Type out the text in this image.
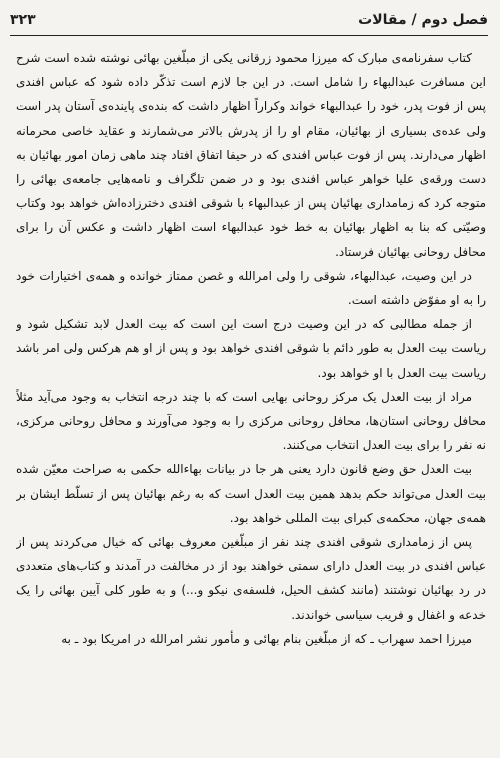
فصل دوم / مقالات
۳۲۳

کتاب سفرنامه‌ی مبارک که میرزا محمود زرقانی یکی از مبلّغین بهائی نوشته شده است شرح این مسافرت عبدالبهاء را شامل است. در این جا لازم است تذکّر داده شود که عباس افندی پس از فوت پدر، خود را عبدالبهاء خواند وکراراً اظهار داشت که بنده‌ی پاینده‌ی آستان پدر است ولی عده‌ی بسیاری از بهائیان، مقام او را از پدرش بالاتر می‌شمارند و عقاید خاصی محرمانه اظهار می‌دارند. پس از فوت عباس افندی که در حیفا اتفاق افتاد چند ماهی زمان امور بهائیان به دست ورقه‌ی علیا خواهر عباس افندی بود و در ضمن تلگراف و نامه‌هایی جامعه‌ی بهائی را متوجه کرد که زمامداری بهائیان پس از عبدالبهاء با شوقی افندی دخترزاده‌اش خواهد بود وکتاب وصیّتی که بنا به اظهار بهائیان به خط خود عبدالبهاء است اظهار داشت و عکس آن را برای محافل روحانی بهائیان فرستاد.

در این وصیت، عبدالبهاء، شوقی را ولی امرالله و غصن ممتاز خوانده و همه‌ی اختیارات خود را به او مفوّض داشته است.

از جمله مطالبی که در این وصیت درج است این است که بیت العدل لابد تشکیل شود و ریاست بیت العدل به طور دائم با شوقی افندی خواهد بود و پس از او هم هرکس ولی امر باشد ریاست بیت العدل با او خواهد بود.

مراد از بیت العدل یک مرکز روحانی بهایی است که با چند درجه انتخاب به وجود می‌آید مثلاً محافل روحانی استان‌ها، محافل روحانی مرکزی را به وجود می‌آورند و محافل روحانی مرکزی، نه نفر را برای بیت العدل انتخاب می‌کنند.

بیت العدل حق وضع قانون دارد یعنی هر جا در بیانات بهاءالله حکمی به صراحت معیّن شده بیت العدل می‌تواند حکم بدهد همین بیت العدل است که به رغم بهائیان پس از تسلّط ایشان بر همه‌ی جهان، محکمه‌ی کبرای بیت المللی خواهد بود.

پس از زمامداری شوقی افندی چند نفر از مبلّغین معروف بهائی که خیال می‌کردند پس از عباس افندی در بیت العدل دارای سمتی خواهند بود از در مخالفت در آمدند و کتاب‌های متعددی در رد بهائیان نوشتند (مانند کشف الحیل، فلسفه‌ی نیکو و...) و به طور کلی آیین بهائی را یک خدعه و اغفال و فریب سیاسی خواندند.

میرزا احمد سهراب ـ که از مبلّغین بنام بهائی و مأمور نشر امرالله در امریکا بود ـ به
